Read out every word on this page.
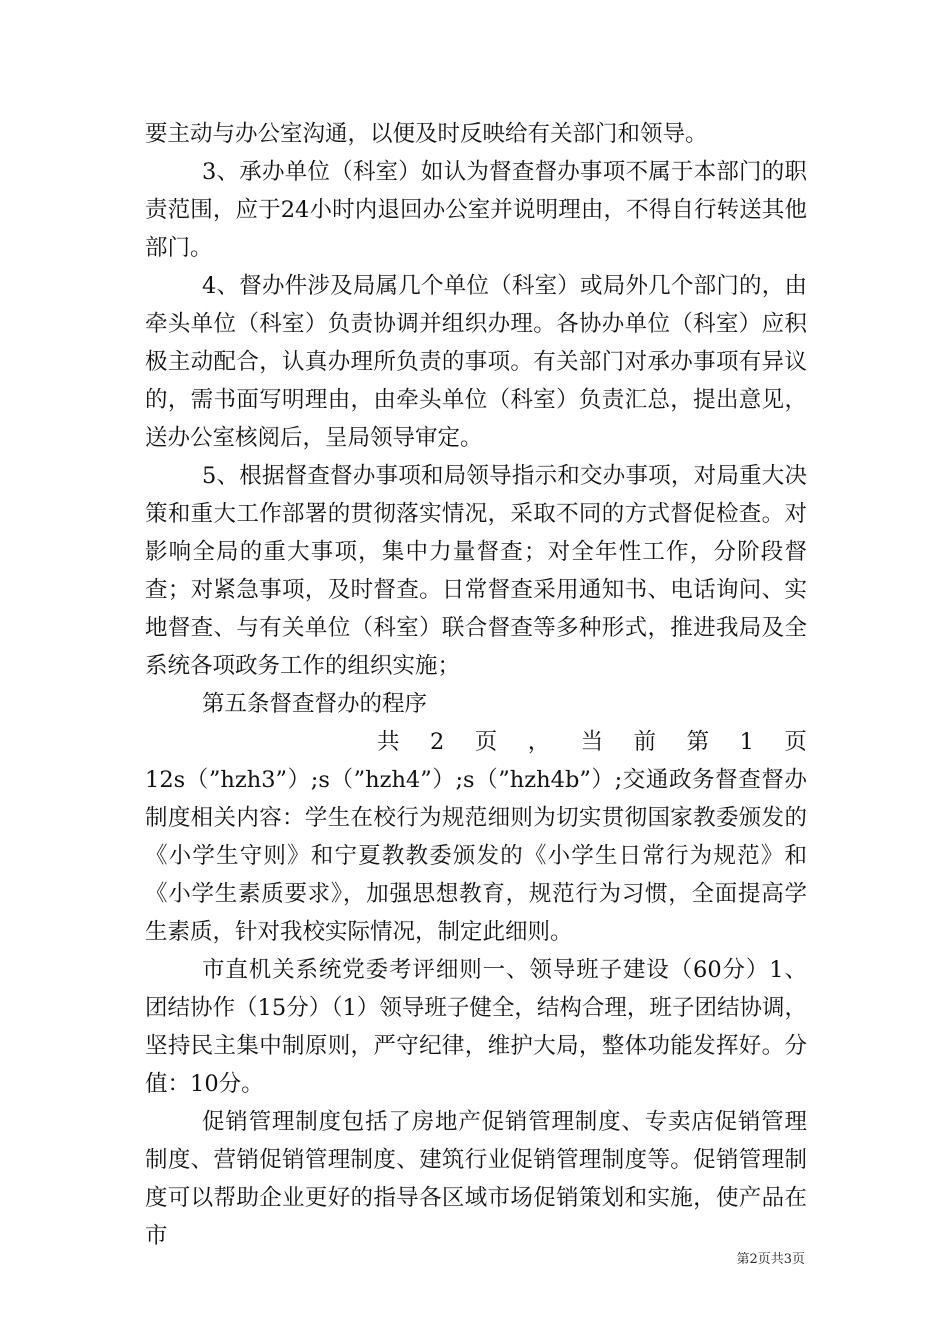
要主动与办公室沟通，以便及时反映给有关部门和领导。

3、承办单位（科室）如认为督查督办事项不属于本部门的职责范围，应于24小时内退回办公室并说明理由，不得自行转送其他部门。

4、督办件涉及局属几个单位（科室）或局外几个部门的，由牵头单位（科室）负责协调并组织办理。各协办单位（科室）应积极主动配合，认真办理所负责的事项。有关部门对承办事项有异议的，需书面写明理由，由牵头单位（科室）负责汇总，提出意见，送办公室核阅后，呈局领导审定。

5、根据督查督办事项和局领导指示和交办事项，对局重大决策和重大工作部署的贯彻落实情况，采取不同的方式督促检查。对影响全局的重大事项，集中力量督查；对全年性工作，分阶段督查；对紧急事项，及时督查。日常督查采用通知书、电话询问、实地督查、与有关单位（科室）联合督查等多种形式，推进我局及全系统各项政务工作的组织实施；

第五条督查督办的程序

共 2 页 ， 当 前 第 1 页

12s（”hzh3”）;s（”hzh4”）;s（”hzh4b”）;交通政务督查督办制度相关内容：学生在校行为规范细则为切实贯彻国家教委颁发的《小学生守则》和宁夏教教委颁发的《小学生日常行为规范》和《小学生素质要求》，加强思想教育，规范行为习惯，全面提高学生素质，针对我校实际情况，制定此细则。

市直机关系统党委考评细则一、领导班子建设（60分）1、团结协作（15分）（1）领导班子健全，结构合理，班子团结协调，坚持民主集中制原则，严守纪律，维护大局，整体功能发挥好。分值：10分。

促销管理制度包括了房地产促销管理制度、专卖店促销管理制度、营销促销管理制度、建筑行业促销管理制度等。促销管理制度可以帮助企业更好的指导各区域市场促销策划和实施，使产品在市

第2页共3页
